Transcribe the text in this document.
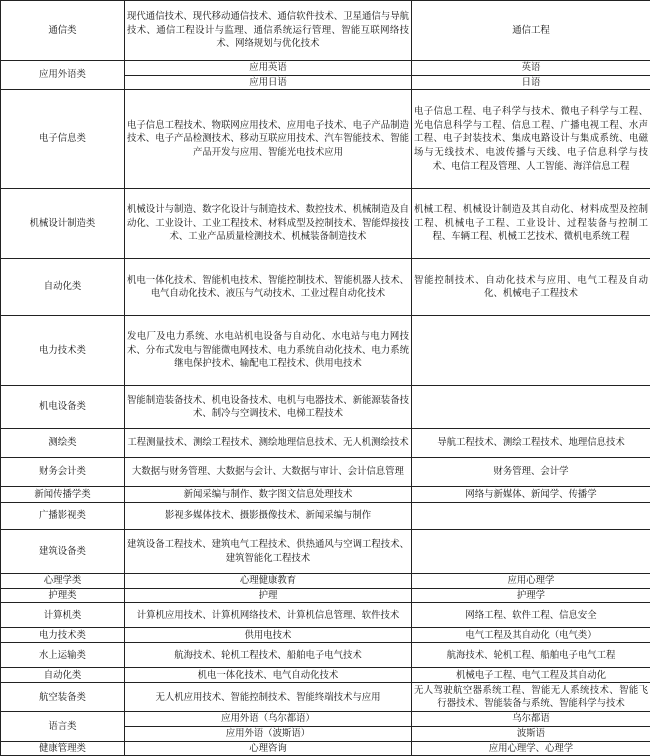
通信类	现代通信技术、现代移动通信技术、通信软件技术、卫星通信与导航技术、通信工程设计与监理、通信系统运行管理、智能互联网络技术、网络规划与优化技术	通信工程
应用外语类	应用英语	英语
	应用日语	日语
电子信息类	电子信息工程技术、物联网应用技术、应用电子技术、电子产品制造技术、电子产品检测技术、移动互联应用技术、汽车智能技术、智能产品开发与应用、智能光电技术应用	电子信息工程、电子科学与技术、微电子科学与工程、光电信息科学与工程、信息工程、广播电视工程、水声工程、电子封装技术、集成电路设计与集成系统、电磁场与无线技术、电波传播与天线、电子信息科学与技术、电信工程及管理、人工智能、海洋信息工程
机械设计制造类	机械设计与制造、数字化设计与制造技术、数控技术、机械制造及自动化、工业设计、工业工程技术、材料成型及控制技术、智能焊接技术、工业产品质量检测技术、机械装备制造技术	机械工程、机械设计制造及其自动化、材料成型及控制工程、机械电子工程、工业设计、过程装备与控制工程、车辆工程、机械工艺技术、微机电系统工程
自动化类	机电一体化技术、智能机电技术、智能控制技术、智能机器人技术、电气自动化技术、液压与气动技术、工业过程自动化技术	智能控制技术、自动化技术与应用、电气工程及自动化、机械电子工程技术
电力技术类	发电厂及电力系统、水电站机电设备与自动化、水电站与电力网技术、分布式发电与智能微电网技术、电力系统自动化技术、电力系统继电保护技术、输配电工程技术、供用电技术	
机电设备类	智能制造装备技术、机电设备技术、电机与电器技术、新能源装备技术、制冷与空调技术、电梯工程技术	
测绘类	工程测量技术、测绘工程技术、测绘地理信息技术、无人机测绘技术	导航工程技术、测绘工程技术、地理信息技术
财务会计类	大数据与财务管理、大数据与会计、大数据与审计、会计信息管理	财务管理、会计学
新闻传播学类	新闻采编与制作、数字图文信息处理技术	网络与新媒体、新闻学、传播学
广播影视类	影视多媒体技术、摄影摄像技术、新闻采编与制作	
建筑设备类	建筑设备工程技术、建筑电气工程技术、供热通风与空调工程技术、建筑智能化工程技术	
心理学类	心理健康教育	应用心理学
护理类	护理	护理学
计算机类	计算机应用技术、计算机网络技术、计算机信息管理、软件技术	网络工程、软件工程、信息安全
电力技术类	供用电技术	电气工程及其自动化（电气类）
水上运输类	航海技术、轮机工程技术、船舶电子电气技术	航海技术、轮机工程、船舶电子电气工程
自动化类	机电一体化技术、电气自动化技术	机械电子工程、电气工程及其自动化
航空装备类	无人机应用技术、智能控制技术、智能终端技术与应用	无人驾驶航空器系统工程、智能无人系统技术、智能飞行器技术、智能装备与系统、智能科学与技术
语言类	应用外语（乌尔都语）	乌尔都语
	应用外语（波斯语）	波斯语
健康管理类	心理咨询	应用心理学、心理学
